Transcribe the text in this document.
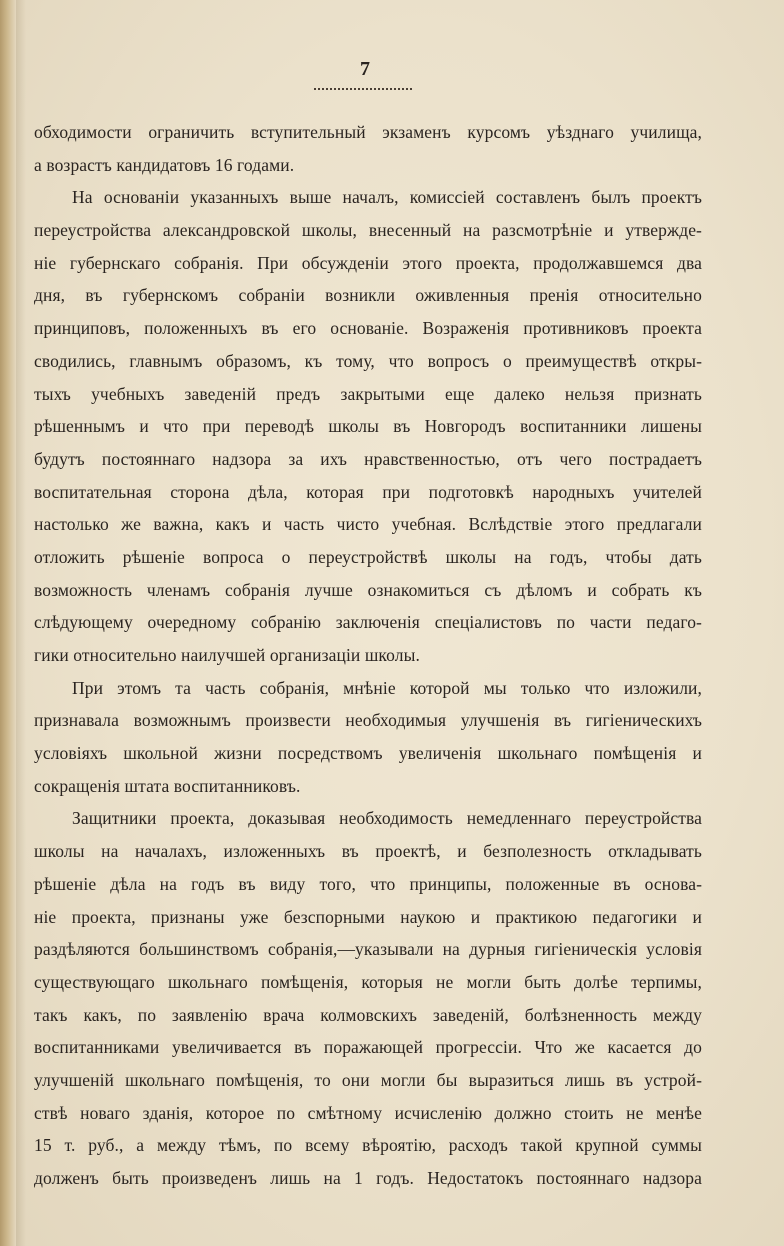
7
обходимости ограничить вступительный экзаменъ курсомъ уѣзднаго училища,
а возрастъ кандидатовъ 16 годами.
На основаніи указанныхъ выше началъ, комиссіей составленъ былъ проектъ
переустройства александровской школы, внесенный на разсмотрѣніе и утвержде-
ніе губернскаго собранія. При обсужденіи этого проекта, продолжавшемся два
дня, въ губернскомъ собраніи возникли оживленныя пренія относительно
принциповъ, положенныхъ въ его основаніе. Возраженія противниковъ проекта
сводились, главнымъ образомъ, къ тому, что вопросъ о преимуществѣ откры-
тыхъ учебныхъ заведеній предъ закрытыми еще далеко нельзя признать
рѣшеннымъ и что при переводѣ школы въ Новгородъ воспитанники лишены
будутъ постояннаго надзора за ихъ нравственностью, отъ чего пострадаетъ
воспитательная сторона дѣла, которая при подготовкѣ народныхъ учителей
настолько же важна, какъ и часть чисто учебная. Вслѣдствіе этого предлагали
отложить рѣшеніе вопроса о переустройствѣ школы на годъ, чтобы дать
возможность членамъ собранія лучше ознакомиться съ дѣломъ и собрать къ
слѣдующему очередному собранію заключенія спеціалистовъ по части педаго-
гики относительно наилучшей организаціи школы.
При этомъ та часть собранія, мнѣніе которой мы только что изложили,
признавала возможнымъ произвести необходимыя улучшенія въ гигіеническихъ
условіяхъ школьной жизни посредствомъ увеличенія школьнаго помѣщенія и
сокращенія штата воспитанниковъ.
Защитники проекта, доказывая необходимость немедленнаго переустройства
школы на началахъ, изложенныхъ въ проектѣ, и безполезность откладывать
рѣшеніе дѣла на годъ въ виду того, что принципы, положенные въ основа-
ніе проекта, признаны уже безспорными наукою и практикою педагогики и
раздѣляются большинствомъ собранія,—указывали на дурныя гигіеническія условія
существующаго школьнаго помѣщенія, которыя не могли быть долѣе терпимы,
такъ какъ, по заявленію врача колмовскихъ заведеній, болѣзненность между
воспитанниками увеличивается въ поражающей прогрессіи. Что же касается до
улучшеній школьнаго помѣщенія, то они могли бы выразиться лишь въ устрой-
ствѣ новаго зданія, которое по смѣтному исчисленію должно стоить не менѣе
15 т. руб., а между тѣмъ, по всему вѣроятію, расходъ такой крупной суммы
долженъ быть произведенъ лишь на 1 годъ. Недостатокъ постояннаго надзора
